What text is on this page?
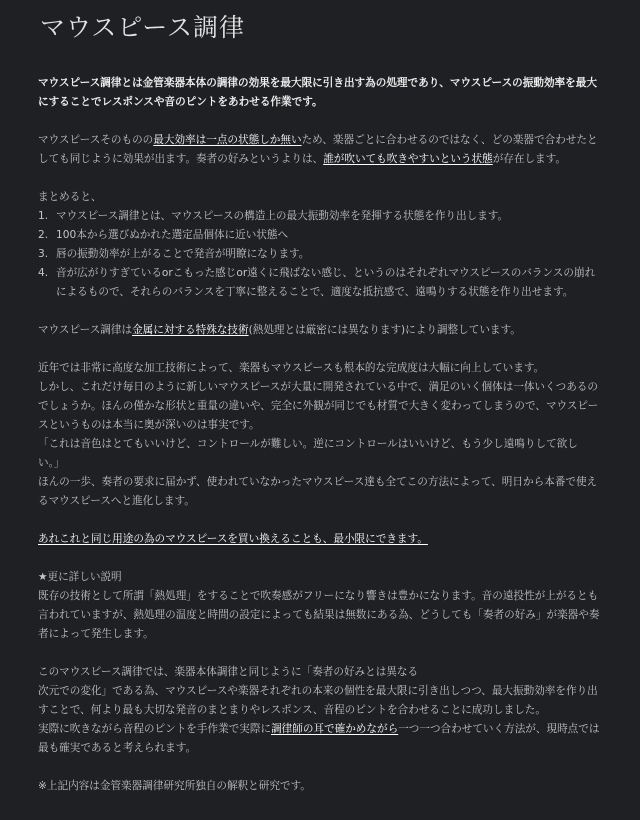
マウスピース調律

マウスピース調律とは金管楽器本体の調律の効果を最大限に引き出す為の処理であり、マウスピースの振動効率を最大にすることでレスポンスや音のピントをあわせる作業です。

マウスピースそのものの最大効率は一点の状態しか無いため、楽器ごとに合わせるのではなく、どの楽器で合わせたとしても同じように効果が出ます。奏者の好みというよりは、誰が吹いても吹きやすいという状態が存在します。

まとめると、
1. マウスピース調律とは、マウスピースの構造上の最大振動効率を発揮する状態を作り出します。
2. 100本から選びぬかれた選定品個体に近い状態へ
3. 唇の振動効率が上がることで発音が明瞭になります。
4. 音が広がりすぎているorこもった感じor遠くに飛ばない感じ、というのはそれぞれマウスピースのバランスの崩れによるもので、それらのバランスを丁寧に整えることで、適度な抵抗感で、遠鳴りする状態を作り出せます。

マウスピース調律は金属に対する特殊な技術(熱処理とは厳密には異なります)により調整しています。

近年では非常に高度な加工技術によって、楽器もマウスピースも根本的な完成度は大幅に向上しています。
しかし、これだけ毎日のように新しいマウスピースが大量に開発されている中で、満足のいく個体は一体いくつあるのでしょうか。ほんの僅かな形状と重量の違いや、完全に外観が同じでも材質で大きく変わってしまうので、マウスピースというものは本当に奥が深いのは事実です。
「これは音色はとてもいいけど、コントロールが難しい。逆にコントロールはいいけど、もう少し遠鳴りして欲しい。」
ほんの一歩、奏者の要求に届かず、使われていなかったマウスピース達も全てこの方法によって、明日から本番で使えるマウスピースへと進化します。

あれこれと同じ用途の為のマウスピースを買い換えることも、最小限にできます。

★更に詳しい説明
既存の技術として所謂「熱処理」をすることで吹奏感がフリーになり響きは豊かになります。音の遠投性が上がるとも言われていますが、熱処理の温度と時間の設定によっても結果は無数にある為、どうしても「奏者の好み」が楽器や奏者によって発生します。

このマウスピース調律では、楽器本体調律と同じように「奏者の好みとは異なる
次元での変化」である為、マウスピースや楽器それぞれの本来の個性を最大限に引き出しつつ、最大振動効率を作り出すことで、何より最も大切な発音のまとまりやレスポンス、音程のピントを合わせることに成功しました。
実際に吹きながら音程のピントを手作業で実際に調律師の耳で確かめながら一つ一つ合わせていく方法が、現時点では最も確実であると考えられます。

※上記内容は金管楽器調律研究所独自の解釈と研究です。
